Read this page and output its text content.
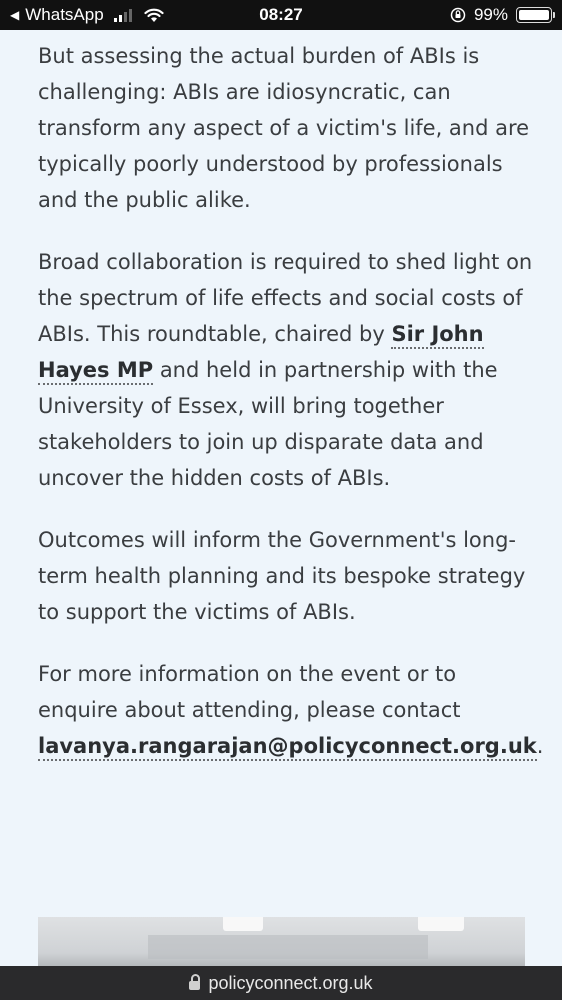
◀ WhatsApp	08:27	99%

But assessing the actual burden of ABIs is challenging: ABIs are idiosyncratic, can transform any aspect of a victim's life, and are typically poorly understood by professionals and the public alike.

Broad collaboration is required to shed light on the spectrum of life effects and social costs of ABIs. This roundtable, chaired by Sir John Hayes MP and held in partnership with the University of Essex, will bring together stakeholders to join up disparate data and uncover the hidden costs of ABIs.

Outcomes will inform the Government's long-term health planning and its bespoke strategy to support the victims of ABIs.

For more information on the event or to enquire about attending, please contact lavanya.rangarajan@policyconnect.org.uk.

policyconnect.org.uk
